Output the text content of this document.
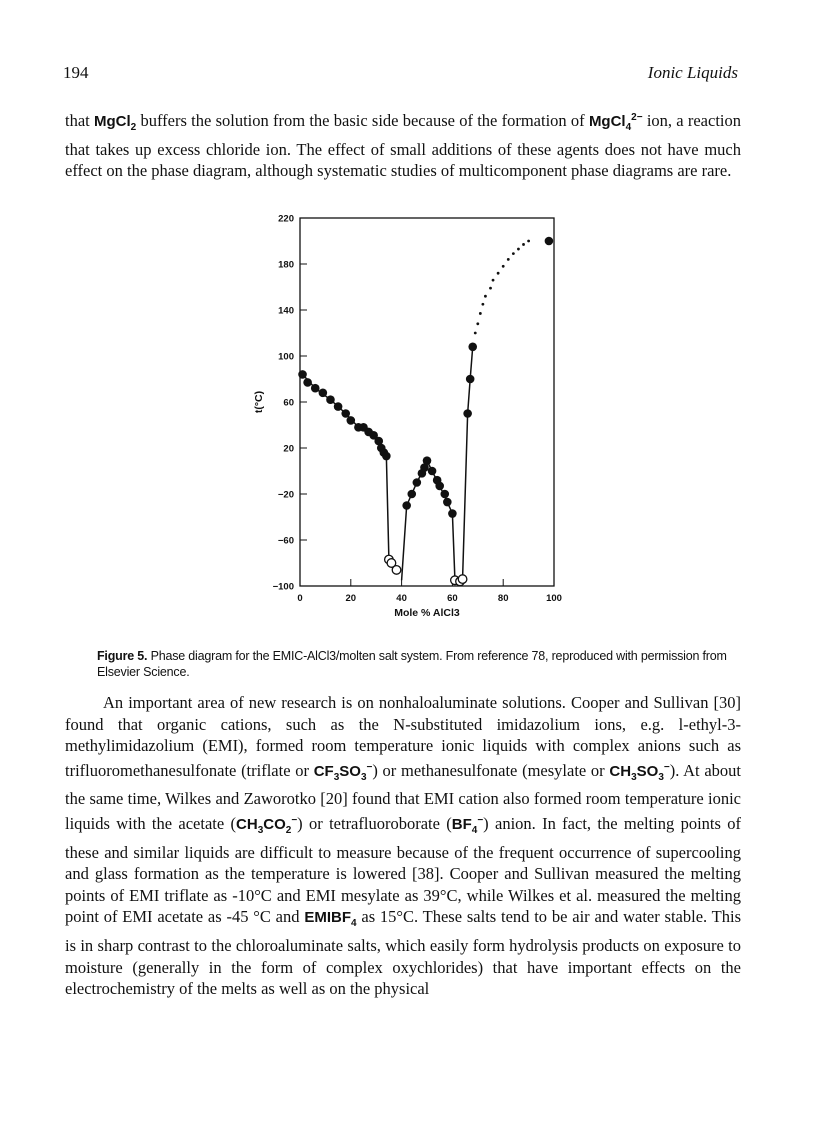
194	Ionic Liquids

that MgCl$_2$ buffers the solution from the basic side because of the formation of MgCl$_4^{2-}$ ion, a reaction that takes up excess chloride ion. The effect of small additions of these agents does not have much effect on the phase diagram, although systematic studies of multicomponent phase diagrams are rare.

220
180
140
100
60
20
−20
−60
−100
0	20	40	60	80	100
Mole % AlCl3
t(°C)

Figure 5. Phase diagram for the EMIC-AlCl3/molten salt system. From reference 78, reproduced with permission from Elsevier Science.

An important area of new research is on nonhaloaluminate solutions. Cooper and Sullivan [30] found that organic cations, such as the N-substituted imidazolium ions, e.g. l-ethyl-3-methylimidazolium (EMI), formed room temperature ionic liquids with complex anions such as trifluoromethanesulfonate (triflate or $CF_3SO_3^-$) or methanesulfonate (mesylate or $CH_3SO_3^-$). At about the same time, Wilkes and Zaworotko [20] found that EMI cation also formed room temperature ionic liquids with the acetate $(CH_3CO_2^-)$ or tetrafluoroborate $(BF_4^-)$ anion. In fact, the melting points of these and similar liquids are difficult to measure because of the frequent occurrence of supercooling and glass formation as the temperature is lowered [38]. Cooper and Sullivan measured the melting points of EMI triflate as -10°C and EMI mesylate as 39°C, while Wilkes et al. measured the melting point of EMI acetate as -45 °C and $EMIBF_4$ as 15°C. These salts tend to be air and water stable. This is in sharp contrast to the chloroaluminate salts, which easily form hydrolysis products on exposure to moisture (generally in the form of complex oxychlorides) that have important effects on the electrochemistry of the melts as well as on the physical
